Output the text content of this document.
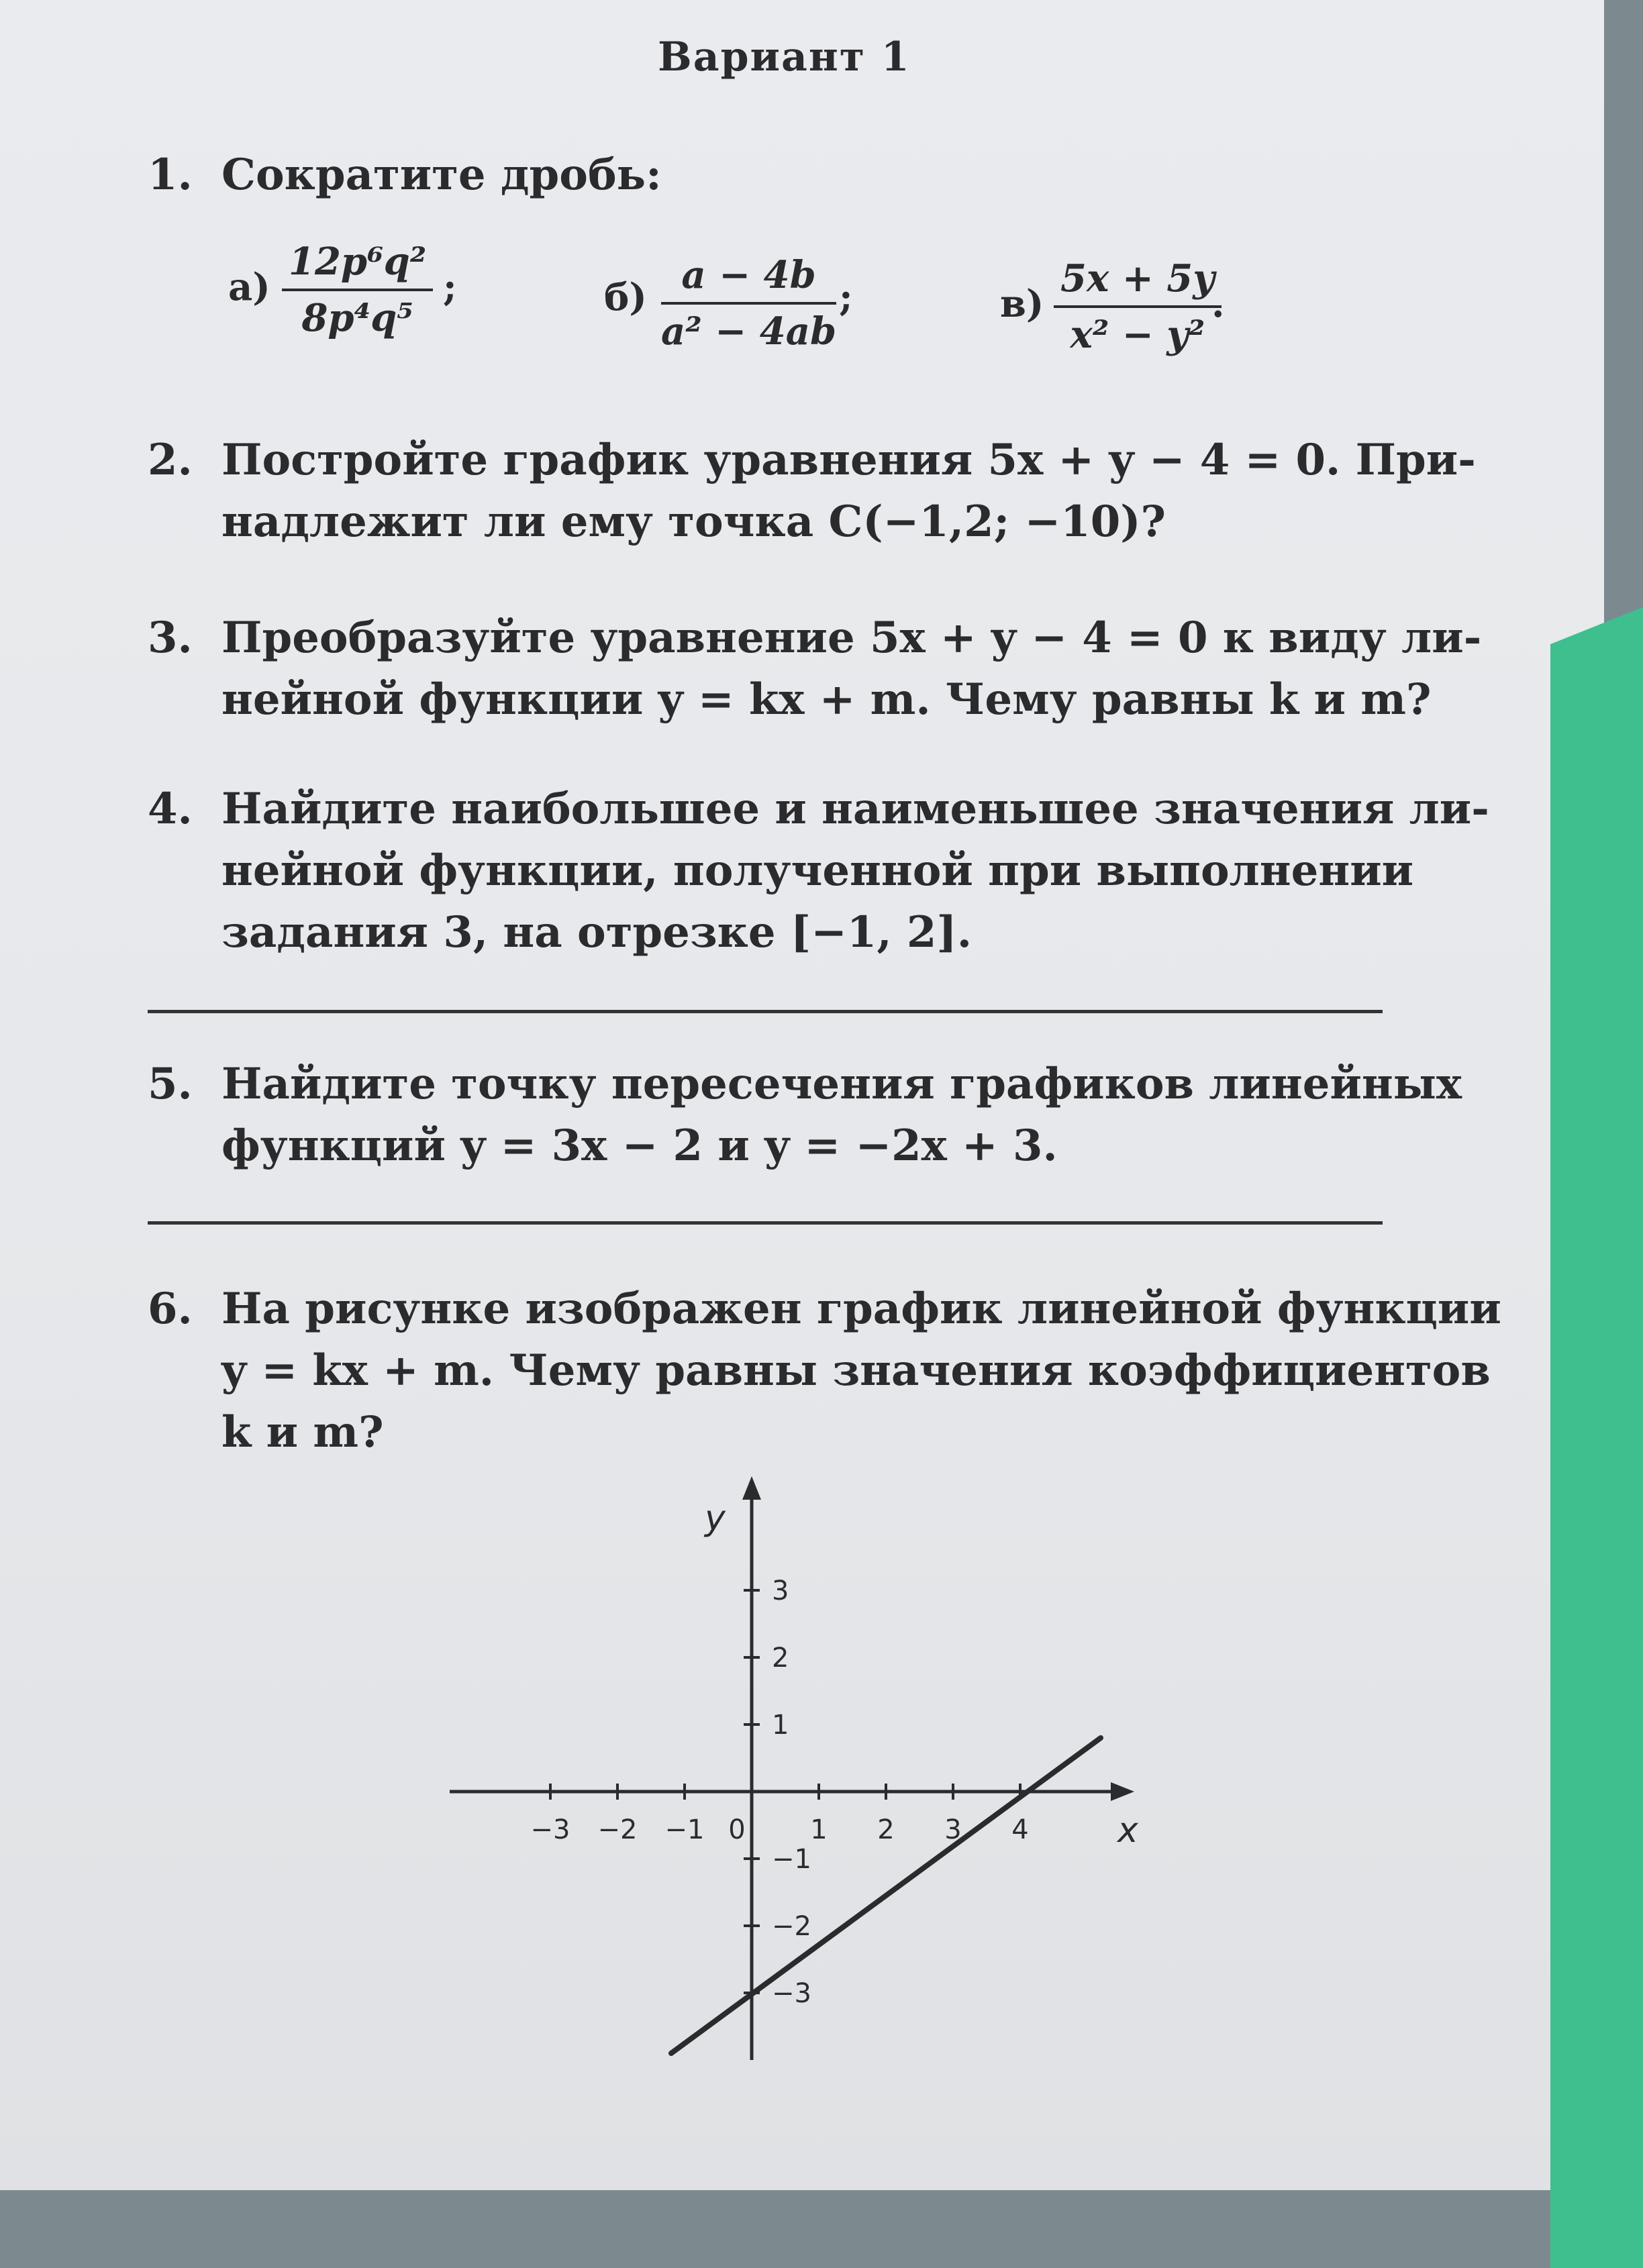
Вариант 1
1. Сократите дробь:
$а) \frac{\text{12p⁶q²}}{\text{8p⁴q⁵}}$ ;	$б) \frac{a - 4b}{\text{a² − 4ab}}$ ;	$в) \frac{5x + 5y}{\text{x² − y²}}$
.
2. Постройте график уравнения 5x + y − 4 = 0. При-
надлежит ли ему точка C(−1,2; −10)?
3. Преобразуйте уравнение 5x + y − 4 = 0 к виду ли-
нейной функции y = kx + m. Чему равны k и m?
4. Найдите наибольшее и наименьшее значения ли-
нейной функции, полученной при выполнении
задания 3, на отрезке [−1, 2].
5. Найдите точку пересечения графиков линейных
функций y = 3x − 2 и y = −2x + 3.
6. На рисунке изображен график линейной функции
y = kx + m. Чему равны значения коэффициентов
k и m?
−3 −2 −1 0 1 2 3 4
3
2
1
−1
−2
−3
x
y
